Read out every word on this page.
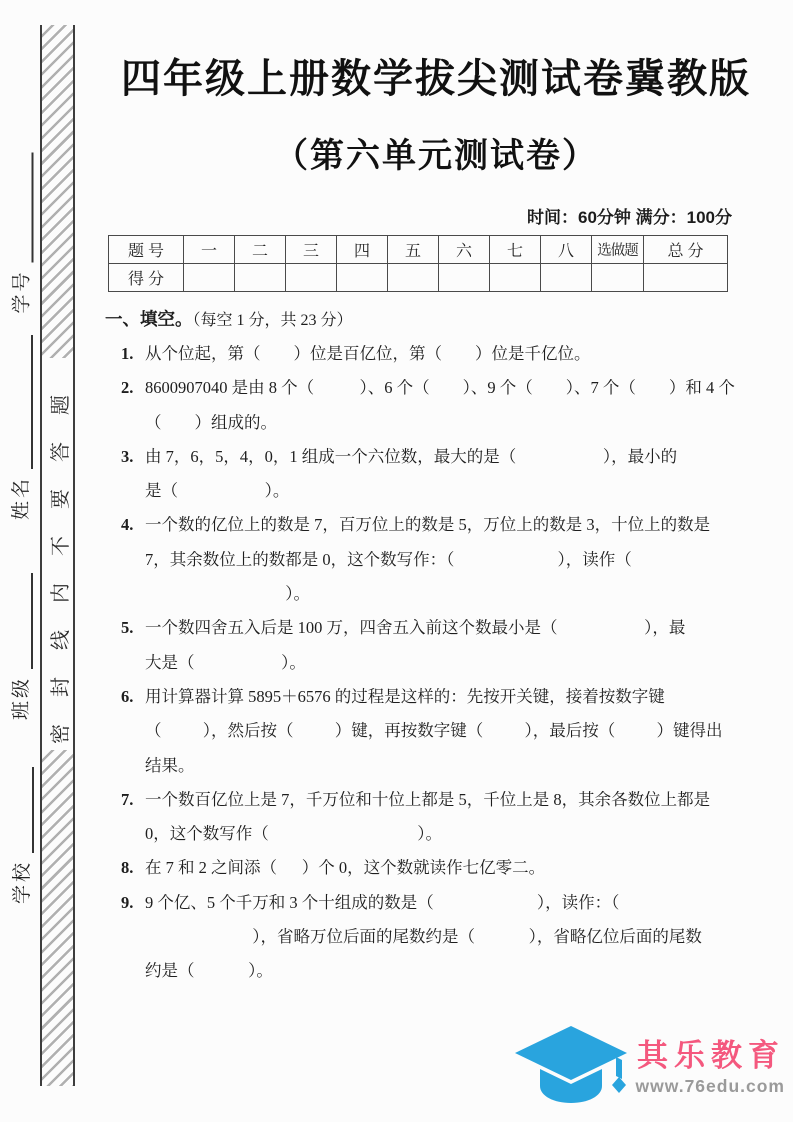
学号
姓名
班级
学校
密封线内不要答题
四年级上册数学拔尖测试卷冀教版
（第六单元测试卷）
时间：60分钟 满分：100分
题 号	一	二	三	四	五	六	七	八	选做题	总 分
得 分										
一、填空。（每空 1 分，共 23 分）
1. 从个位起，第（        ）位是百亿位，第（        ）位是千亿位。
2. 8600907040 是由 8 个（           ）、6 个（        ）、9 个（        ）、7 个（        ）和 4 个
（        ）组成的。
3. 由 7，6，5，4，0，1 组成一个六位数，最大的是（                     ），最小的
是（                     ）。
4. 一个数的亿位上的数是 7，百万位上的数是 5，万位上的数是 3，十位上的数是
7，其余数位上的数都是 0，这个数写作：（                         ），读作（
）。
5. 一个数四舍五入后是 100 万，四舍五入前这个数最小是（                     ），最
大是（                     ）。
6. 用计算器计算 5895＋6576 的过程是这样的：先按开关键，接着按数字键
（          ），然后按（          ）键，再按数字键（          ），最后按（          ）键得出
结果。
7. 一个数百亿位上是 7，千万位和十位上都是 5，千位上是 8，其余各数位上都是
0，这个数写作（                                    ）。
8. 在 7 和 2 之间添（      ）个 0，这个数就读作七亿零二。
9. 9 个亿、5 个千万和 3 个十组成的数是（                         ），读作：（
），省略万位后面的尾数约是（             ），省略亿位后面的尾数
约是（             ）。
其乐教育
www.76edu.com
